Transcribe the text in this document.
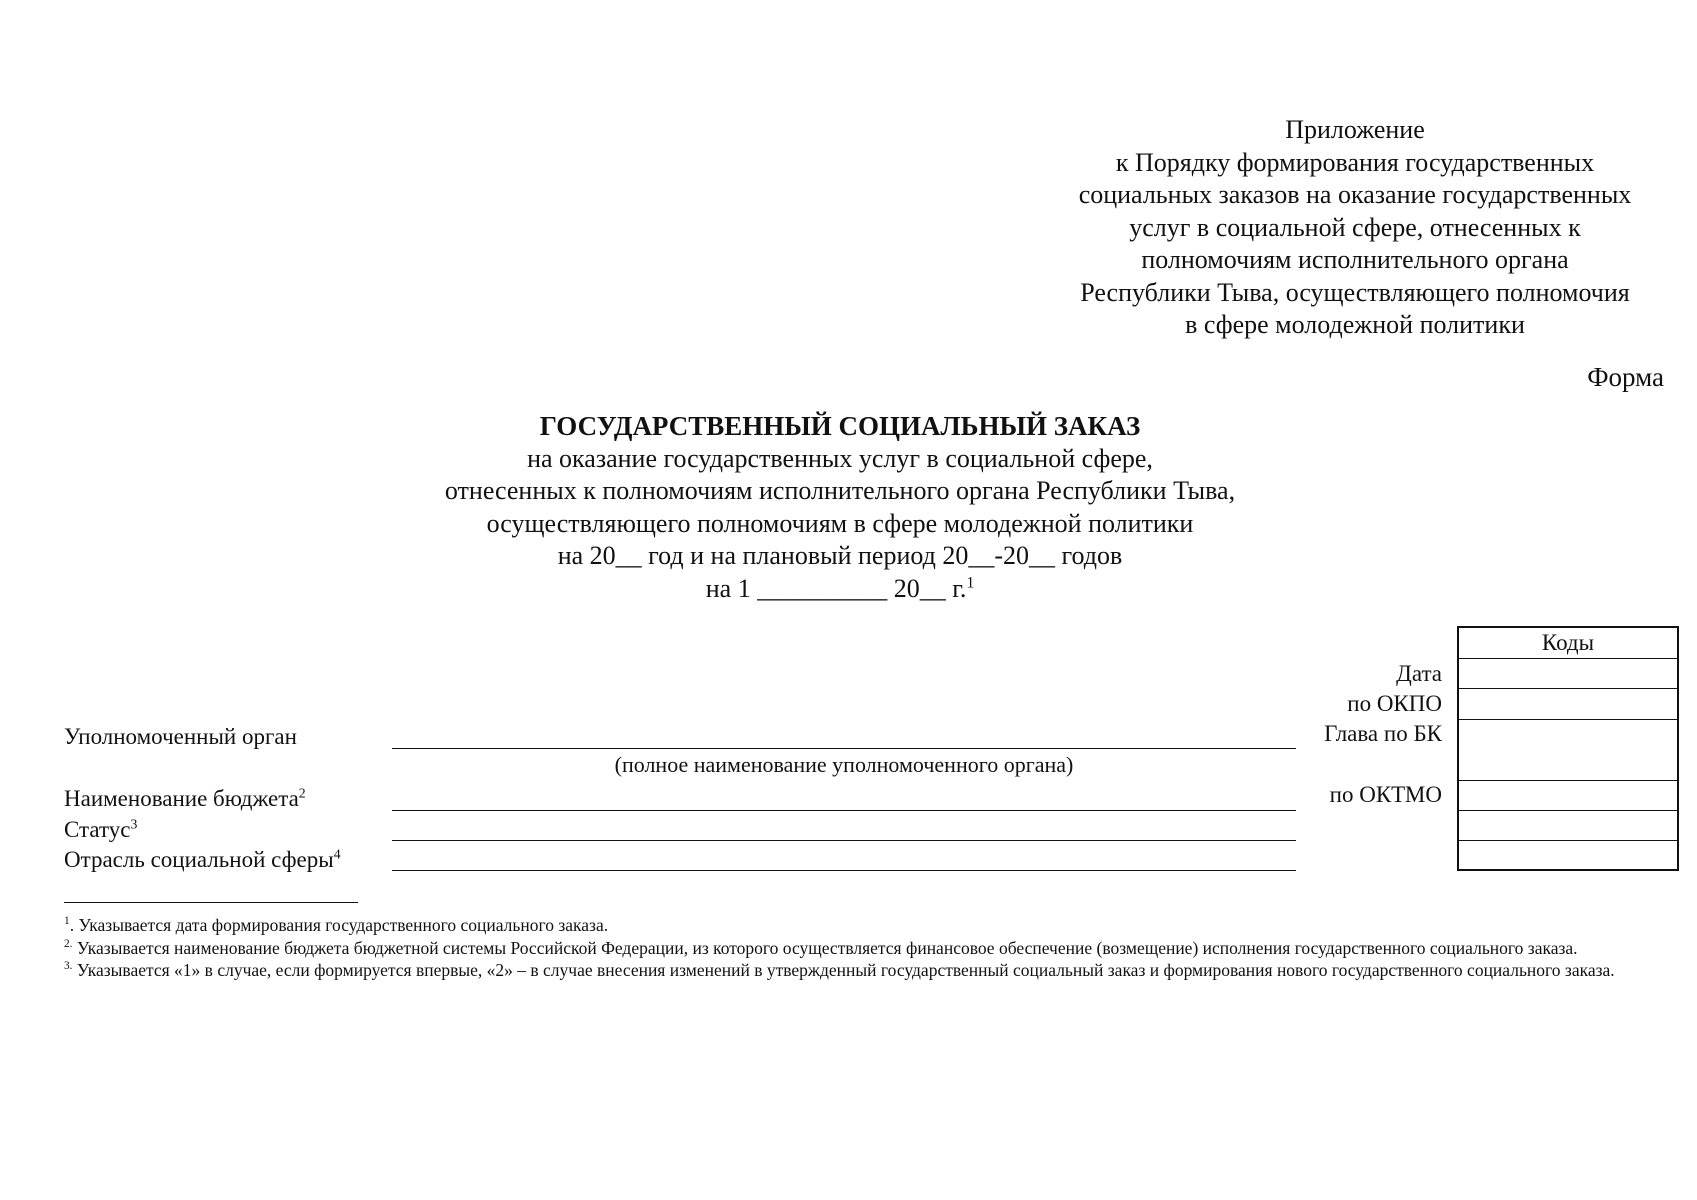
Приложение
к Порядку формирования государственных
социальных заказов на оказание государственных
услуг в социальной сфере, отнесенных к
полномочиям исполнительного органа
Республики Тыва, осуществляющего полномочия
в сфере молодежной политики
Форма
ГОСУДАРСТВЕННЫЙ СОЦИАЛЬНЫЙ ЗАКАЗ
на оказание государственных услуг в социальной сфере,
отнесенных к полномочиям исполнительного органа Республики Тыва,
осуществляющего полномочиям в сфере молодежной политики
на 20__ год и на плановый период 20__-20__ годов
на 1 __________ 20__ г.$^1$
Уполномоченный орган
(полное наименование уполномоченного органа)
Наименование бюджета$^2$
Статус$^3$
Отрасль социальной сферы$^4$
Дата
по ОКПО
Глава по БК
по ОКТМО
Коды

$^1$. Указывается дата формирования государственного социального заказа.

$^{2.}$ Указывается наименование бюджета бюджетной системы Российской Федерации, из которого осуществляется финансовое обеспечение (возмещение) исполнения государственного социального заказа.

$^{3.}$ Указывается «1» в случае, если формируется впервые, «2» – в случае внесения изменений в утвержденный государственный социальный заказ и формирования нового государственного социального заказа.
